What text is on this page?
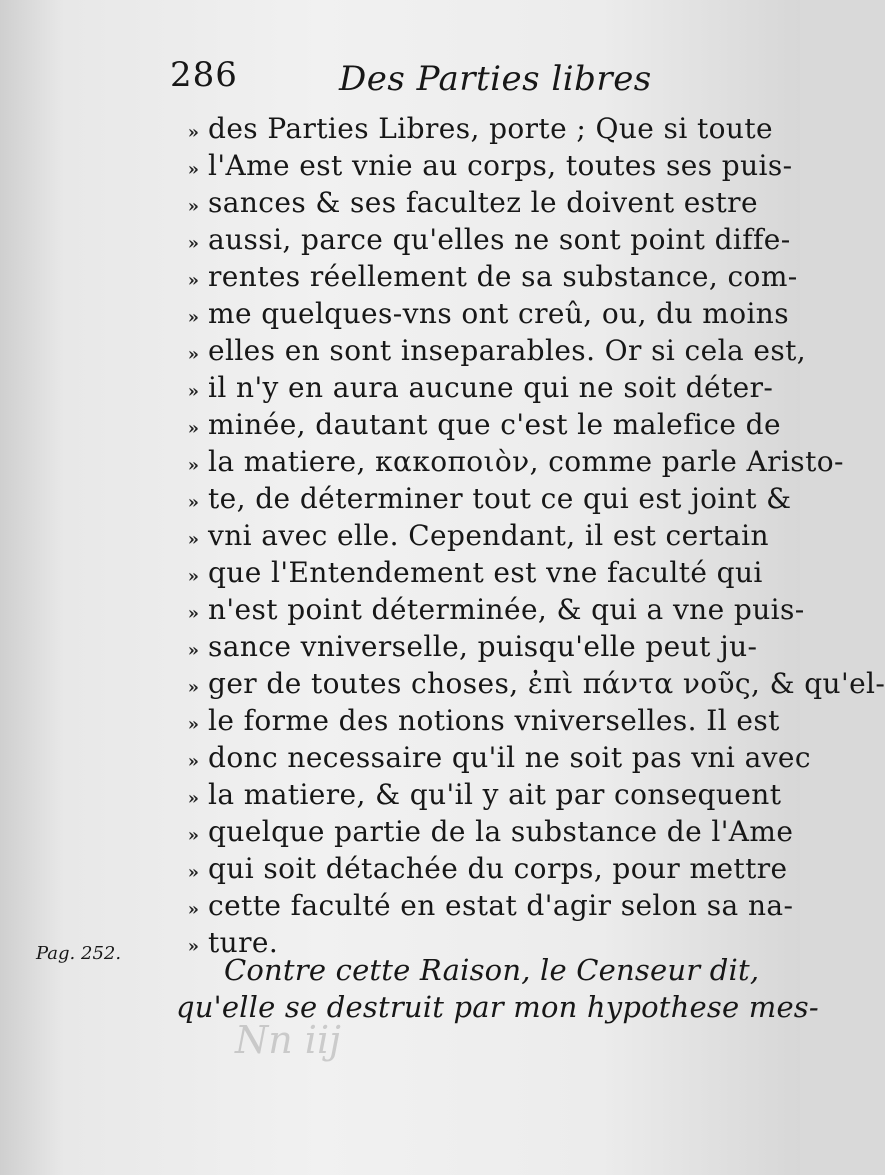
Nn iij
286	Des Parties libres
Pag. 252.
» des Parties Libres, porte ; Que si toute
» l'Ame est vnie au corps, toutes ses puis-
» sances & ses facultez le doivent estre
» aussi, parce qu'elles ne sont point diffe-
» rentes réellement de sa substance, com-
» me quelques-vns ont creû, ou, du moins
» elles en sont inseparables. Or si cela est,
» il n'y en aura aucune qui ne soit déter-
» minée, dautant que c'est le malefice de
» la matiere, κακοποιὸν, comme parle Aristo-
» te, de déterminer tout ce qui est joint &
» vni avec elle. Cependant, il est certain
» que l'Entendement est vne faculté qui
» n'est point déterminée, & qui a vne puis-
» sance vniverselle, puisqu'elle peut ju-
» ger de toutes choses, ἐπὶ πάντα νοῦς, & qu'el-
» le forme des notions vniverselles. Il est
» donc necessaire qu'il ne soit pas vni avec
» la matiere, & qu'il y ait par consequent
» quelque partie de la substance de l'Ame
» qui soit détachée du corps, pour mettre
» cette faculté en estat d'agir selon sa na-
» ture.
Contre cette Raison, le Censeur dit,
qu'elle se destruit par mon hypothese mes-
